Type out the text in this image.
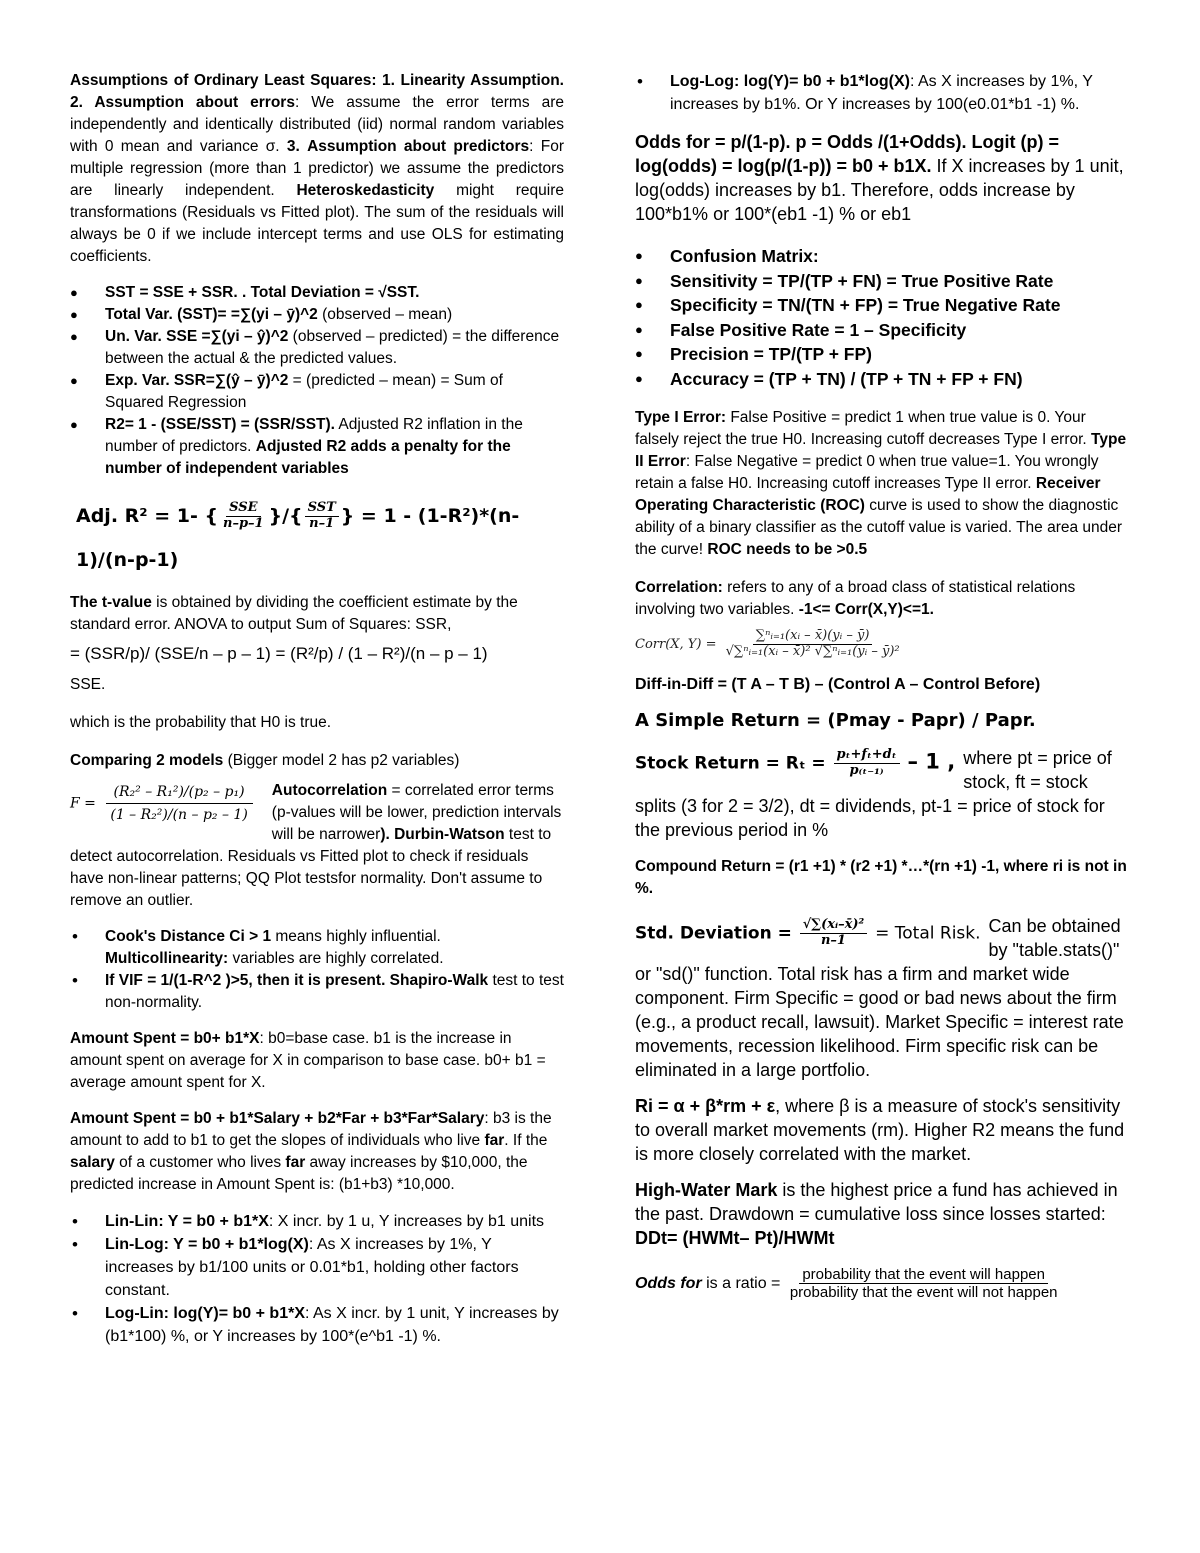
Assumptions of Ordinary Least Squares: 1. Linearity Assumption. 2. Assumption about errors: We assume the error terms are independently and identically distributed (iid) normal random variables with 0 mean and variance σ. 3. Assumption about predictors: For multiple regression (more than 1 predictor) we assume the predictors are linearly independent. Heteroskedasticity might require transformations (Residuals vs Fitted plot). The sum of the residuals will always be 0 if we include intercept terms and use OLS for estimating coefficients.

● SST = SSE + SSR. . Total Deviation = √SST.
● Total Var. (SST)= =∑(yi – ȳ)^2 (observed – mean)
● Un. Var. SSE =∑(yi – ŷ)^2 (observed – predicted) = the difference between the actual & the predicted values.
● Exp. Var. SSR=∑(ŷ – ȳ)^2 = (predicted – mean) = Sum of Squared Regression
● R2= 1 - (SSE/SST) = (SSR/SST). Adjusted R2 inflation in the number of predictors. Adjusted R2 adds a penalty for the number of independent variables

Adj. R² = 1- { $\frac{\text{SSE}}{n-p-1}$ }/{ $\frac{\text{SST}}{n-1}$ } = 1 - (1-R²)*(n-1)/(n-p-1)

The t-value is obtained by dividing the coefficient estimate by the standard error. ANOVA to output Sum of Squares: SSR,

= (SSR/p)/ (SSE/n – p – 1) = (R²/p) / (1 – R²)/(n – p – 1)

SSE.

which is the probability that H0 is true.

Comparing 2 models (Bigger model 2 has p2 variables)

$F = \frac{\text{(R₂² – R₁²)/(p₂ – p₁)}}{\text{(1 – R₂²)/(n – p₂ – 1)}}$ Autocorrelation = correlated error terms (p-values will be lower, prediction intervals will be narrower). Durbin-Watson test to detect autocorrelation. Residuals vs Fitted plot to check if residuals have non-linear patterns; QQ Plot testsfor normality. Don't assume to remove an outlier.
• Cook's Distance Ci > 1 means highly influential. Multicollinearity: variables are highly correlated.
• If VIF = 1/(1-R^2 )>5, then it is present. Shapiro-Walk test to test non-normality.

Amount Spent = b0+ b1*X: b0=base case. b1 is the increase in amount spent on average for X in comparison to base case. b0+ b1 = average amount spent for X.

Amount Spent = b0 + b1*Salary + b2*Far + b3*Far*Salary: b3 is the amount to add to b1 to get the slopes of individuals who live far. If the salary of a customer who lives far away increases by $10,000, the predicted increase in Amount Spent is: (b1+b3) *10,000.

• Lin-Lin: Y = b0 + b1*X: X incr. by 1 u, Y increases by b1 units
• Lin-Log: Y = b0 + b1*log(X): As X increases by 1%, Y increases by b1/100 units or 0.01*b1, holding other factors constant.
• Log-Lin: log(Y)= b0 + b1*X: As X incr. by 1 unit, Y increases by (b1*100) %, or Y increases by 100*(e^b1 -1) %.
• Log-Log: log(Y)= b0 + b1*log(X): As X increases by 1%, Y increases by b1%. Or Y increases by 100(e0.01*b1 -1) %.

Odds for = p/(1-p). p = Odds /(1+Odds). Logit (p) = log(odds) = log(p/(1-p)) = b0 + b1X. If X increases by 1 unit, log(odds) increases by b1. Therefore, odds increase by 100*b1% or 100*(eb1 -1) % or eb1

● Confusion Matrix:
● Sensitivity = TP/(TP + FN) = True Positive Rate
● Specificity = TN/(TN + FP) = True Negative Rate
● False Positive Rate = 1 – Specificity
● Precision = TP/(TP + FP)
● Accuracy = (TP + TN) / (TP + TN + FP + FN)

Type I Error: False Positive = predict 1 when true value is 0. Your falsely reject the true H0. Increasing cutoff decreases Type I error. Type II Error: False Negative = predict 0 when true value=1. You wrongly retain a false H0. Increasing cutoff increases Type II error. Receiver Operating Characteristic (ROC) curve is used to show the diagnostic ability of a binary classifier as the cutoff value is varied. The area under the curve! ROC needs to be >0.5

Correlation: refers to any of a broad class of statistical relations involving two variables. -1<= Corr(X,Y)<=1.

Corr(X, $Y) = \frac{\text{∑ⁿᵢ₌₁(xᵢ – x̄)(yᵢ – ȳ)}}{\text{√∑ⁿᵢ₌₁(xᵢ – x̄)² √∑ⁿᵢ₌₁(yᵢ – ȳ)²}}$

Diff-in-Diff = (T A – T B) – (Control A – Control Before)

A Simple Return = (Pmay - Papr) / Papr.

Stock Return = $R_t = \frac{\text{pₜ+fₜ+dₜ}}{\text{p₍ₜ₋₁₎}} - 1$ , where pt = price of stock, ft = stock splits (3 for 2 = 3/2), dt = dividends, pt-1 = price of stock for the previous period in %

Compound Return = (r1 +1) * (r2 +1) *…*(rn +1) -1, where ri is not in %.

Std. Deviation = $\frac{\text{√∑(xᵢ–x̄)²}}{n-1}$ = Total Risk. Can be obtained by "table.stats()" or "sd()" function. Total risk has a firm and market wide component. Firm Specific = good or bad news about the firm (e.g., a product recall, lawsuit). Market Specific = interest rate movements, recession likelihood. Firm specific risk can be eliminated in a large portfolio.

Ri = α + β*rm + ε, where β is a measure of stock's sensitivity to overall market movements (rm). Higher R2 means the fund is more closely correlated with the market.

High-Water Mark is the highest price a fund has achieved in the past. Drawdown = cumulative loss since losses started: DDt= (HWMt– Pt)/HWMt

Odds for is a ratio = $\frac{\text{probability that the event will happen}}{\text{probability that the event will not happen}}$
